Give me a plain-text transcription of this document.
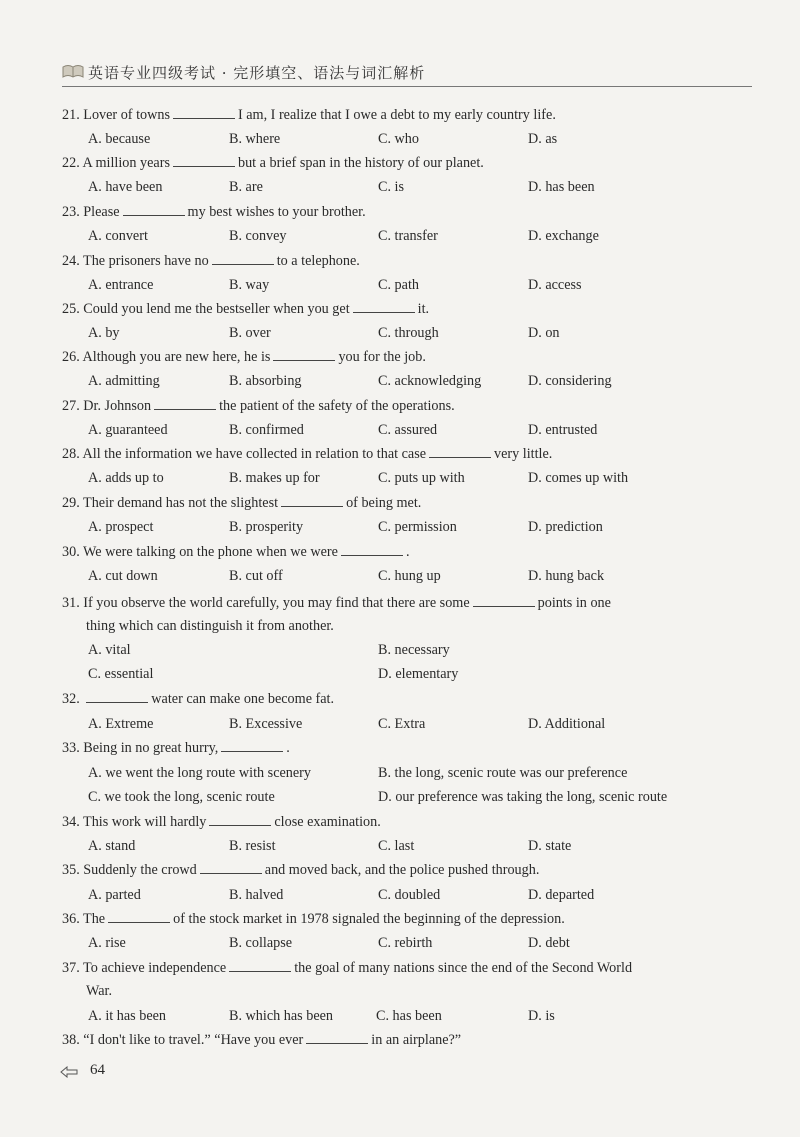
英语专业四级考试 · 完形填空、语法与词汇解析
21. Lover of towns	I am, I realize that I owe a debt to my early country life.
A. because	B. where	C. who	D. as
22. A million years	but a brief span in the history of our planet.
A. have been	B. are	C. is	D. has been
23. Please	my best wishes to your brother.
A. convert	B. convey	C. transfer	D. exchange
24. The prisoners have no	to a telephone.
A. entrance	B. way	C. path	D. access
25. Could you lend me the bestseller when you get	it.
A. by	B. over	C. through	D. on
26. Although you are new here, he is	you for the job.
A. admitting	B. absorbing	C. acknowledging	D. considering
27. Dr. Johnson	the patient of the safety of the operations.
A. guaranteed	B. confirmed	C. assured	D. entrusted
28. All the information we have collected in relation to that case	very little.
A. adds up to	B. makes up for	C. puts up with	D. comes up with
29. Their demand has not the slightest	of being met.
A. prospect	B. prosperity	C. permission	D. prediction
30. We were talking on the phone when we were	.
A. cut down	B. cut off	C. hung up	D. hung back
31. If you observe the world carefully, you may find that there are some	points in one
thing which can distinguish it from another.
A. vital	B. necessary
C. essential	D. elementary
32.	water can make one become fat.
A. Extreme	B. Excessive	C. Extra	D. Additional
33. Being in no great hurry,	.
A. we went the long route with scenery	B. the long, scenic route was our preference
C. we took the long, scenic route	D. our preference was taking the long, scenic route
34. This work will hardly	close examination.
A. stand	B. resist	C. last	D. state
35. Suddenly the crowd	and moved back, and the police pushed through.
A. parted	B. halved	C. doubled	D. departed
36. The	of the stock market in 1978 signaled the beginning of the depression.
A. rise	B. collapse	C. rebirth	D. debt
37. To achieve independence	the goal of many nations since the end of the Second World
War.
A. it has been	B. which has been	C. has been	D. is
38. “I don't like to travel.” “Have you ever	in an airplane?”
64
